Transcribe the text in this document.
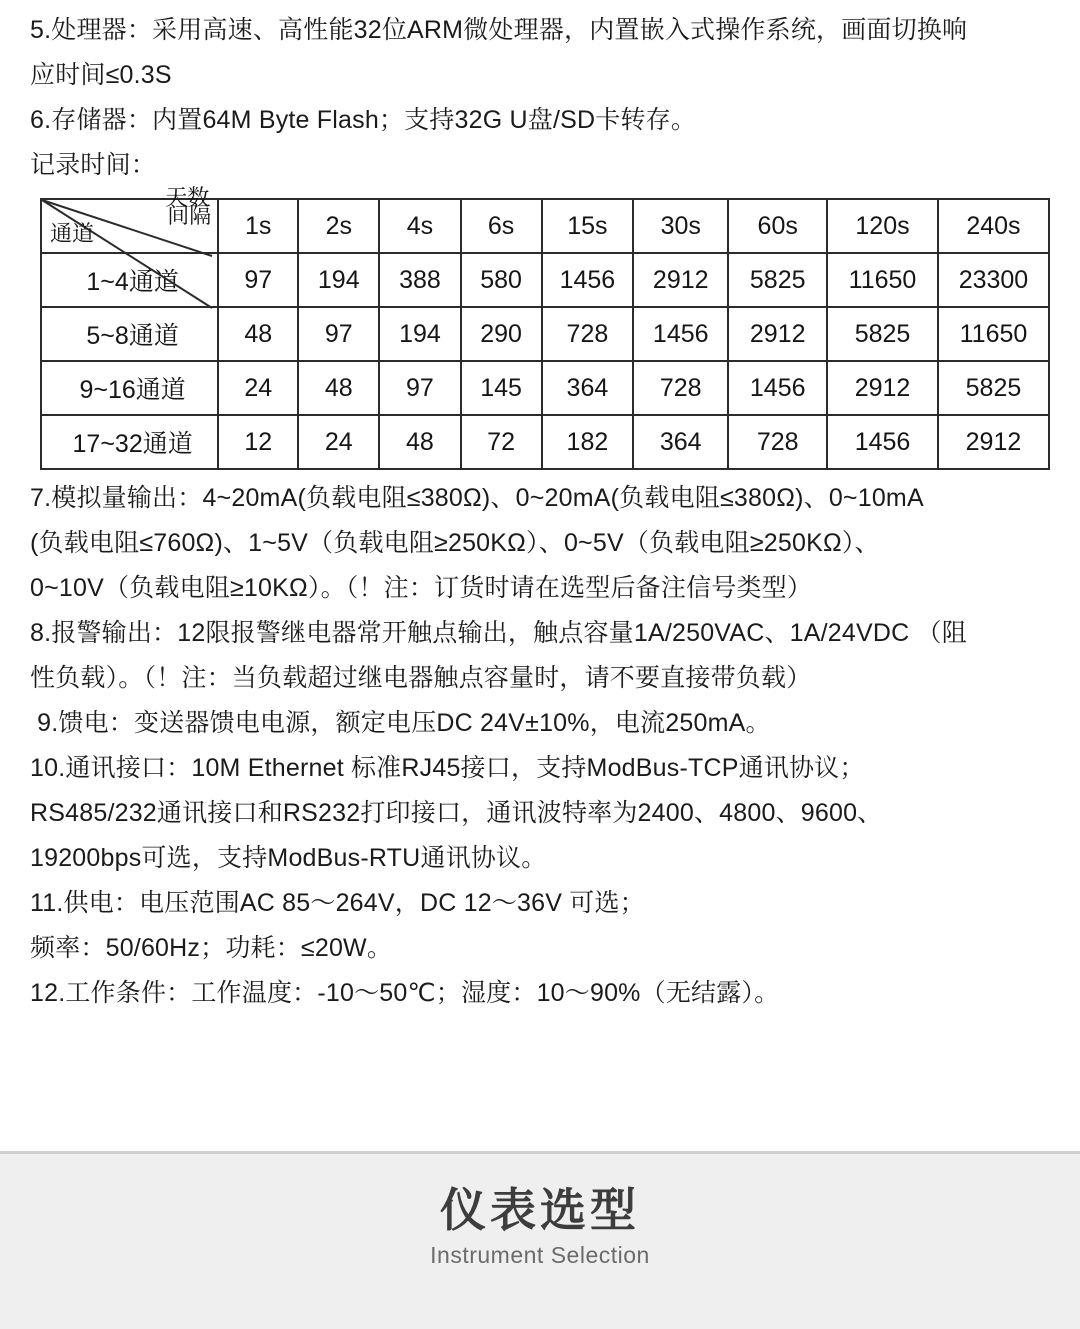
5.处理器：采用高速、高性能32位ARM微处理器，内置嵌入式操作系统，画面切换响
应时间≤0.3S
6.存储器：内置64M Byte Flash；支持32G U盘/SD卡转存。
记录时间：
间隔
天数
通道	1s	2s	4s	6s	15s	30s	60s	120s	240s
1~4通道	97	194	388	580	1456	2912	5825	11650	23300
5~8通道	48	97	194	290	728	1456	2912	5825	11650
9~16通道	24	48	97	145	364	728	1456	2912	5825
17~32通道	12	24	48	72	182	364	728	1456	2912
7.模拟量输出：4~20mA(负载电阻≤380Ω)、0~20mA(负载电阻≤380Ω)、0~10mA
(负载电阻≤760Ω)、1~5V（负载电阻≥250KΩ）、0~5V（负载电阻≥250KΩ）、
0~10V（负载电阻≥10KΩ）。（！注：订货时请在选型后备注信号类型）
8.报警输出：12限报警继电器常开触点输出，触点容量1A/250VAC、1A/24VDC （阻
性负载）。（！注：当负载超过继电器触点容量时，请不要直接带负载）
9.馈电：变送器馈电电源，额定电压DC 24V±10%，电流250mA。
10.通讯接口：10M Ethernet 标准RJ45接口，支持ModBus-TCP通讯协议；
RS485/232通讯接口和RS232打印接口，通讯波特率为2400、4800、9600、
19200bps可选，支持ModBus-RTU通讯协议。
11.供电：电压范围AC 85～264V，DC 12～36V 可选；
频率：50/60Hz；功耗：≤20W。
12.工作条件：工作温度：-10～50℃；湿度：10～90%（无结露）。
仪表选型
Instrument Selection
